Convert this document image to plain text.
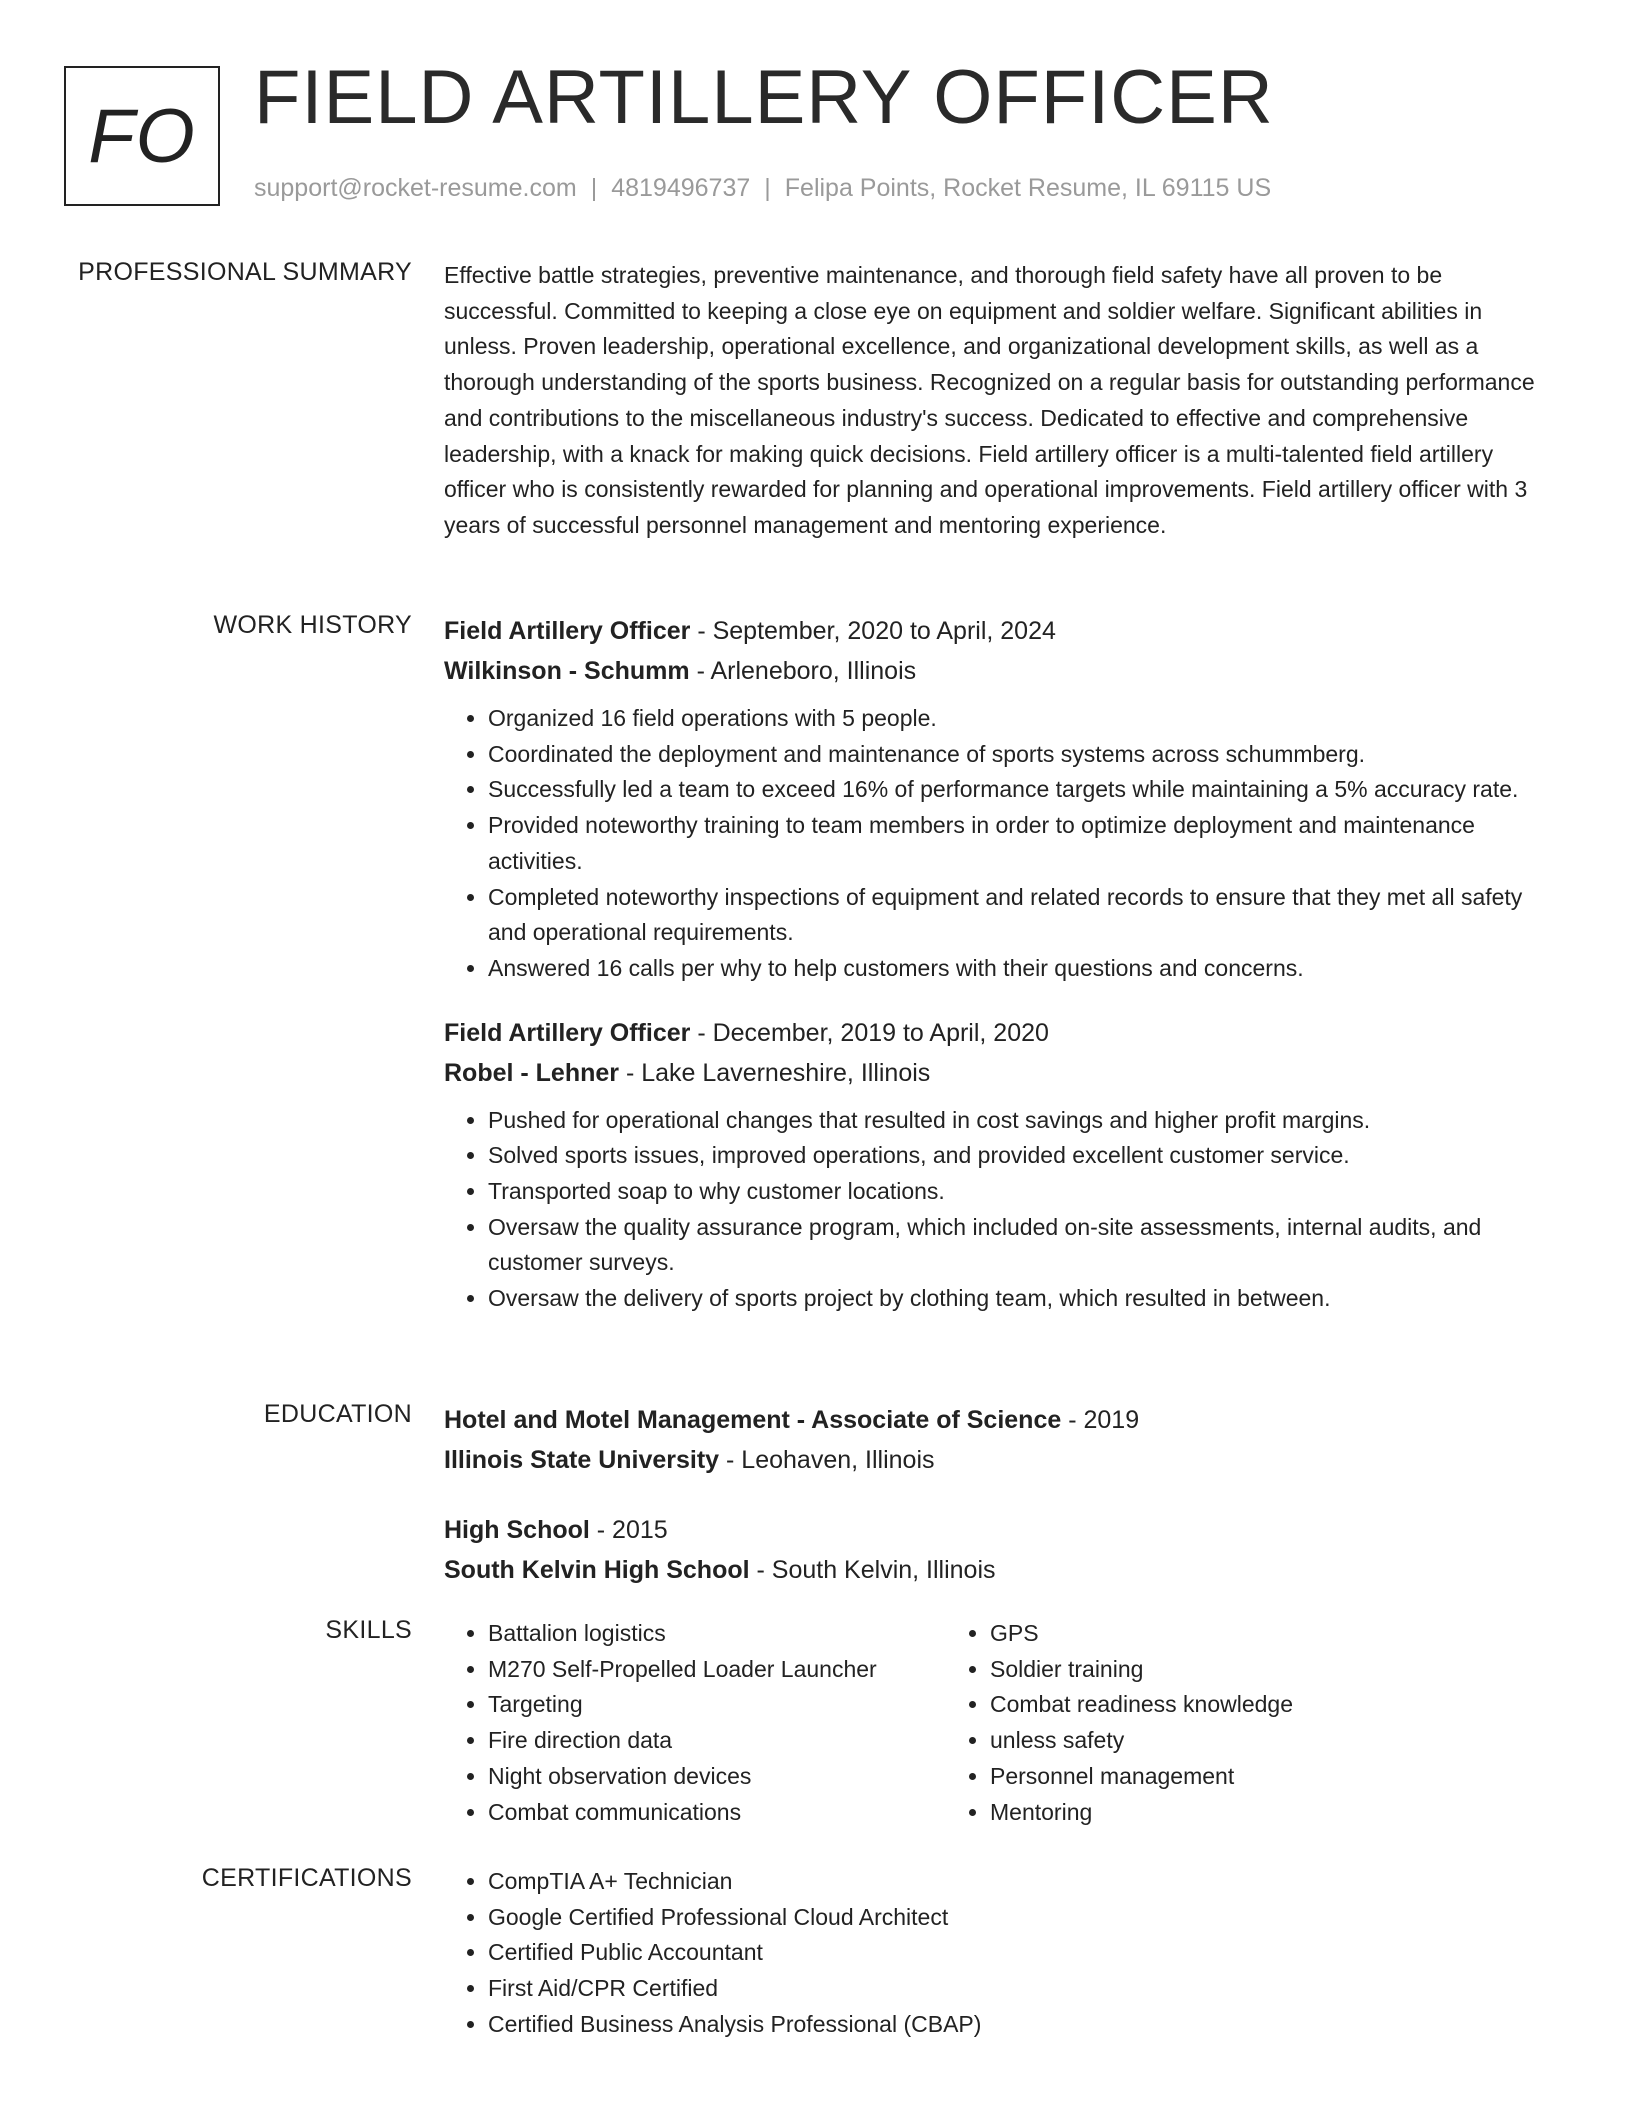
FO FIELD ARTILLERY OFFICER
support@rocket-resume.com | 4819496737 | Felipa Points, Rocket Resume, IL 69115 US
PROFESSIONAL SUMMARY Effective battle strategies, preventive maintenance, and thorough field safety have all proven to be successful. Committed to keeping a close eye on equipment and soldier welfare. Significant abilities in unless. Proven leadership, operational excellence, and organizational development skills, as well as a thorough understanding of the sports business. Recognized on a regular basis for outstanding performance and contributions to the miscellaneous industry's success. Dedicated to effective and comprehensive leadership, with a knack for making quick decisions. Field artillery officer is a multi-talented field artillery officer who is consistently rewarded for planning and operational improvements. Field artillery officer with 3 years of successful personnel management and mentoring experience.

WORK HISTORY Field Artillery Officer - September, 2020 to April, 2024
Wilkinson - Schumm - Arleneboro, Illinois
• Organized 16 field operations with 5 people.
• Coordinated the deployment and maintenance of sports systems across schummberg.
• Successfully led a team to exceed 16% of performance targets while maintaining a 5% accuracy rate.
• Provided noteworthy training to team members in order to optimize deployment and maintenance activities.
• Completed noteworthy inspections of equipment and related records to ensure that they met all safety and operational requirements.
• Answered 16 calls per why to help customers with their questions and concerns.
Field Artillery Officer - December, 2019 to April, 2020
Robel - Lehner - Lake Laverneshire, Illinois
• Pushed for operational changes that resulted in cost savings and higher profit margins.
• Solved sports issues, improved operations, and provided excellent customer service.
• Transported soap to why customer locations.
• Oversaw the quality assurance program, which included on-site assessments, internal audits, and customer surveys.
• Oversaw the delivery of sports project by clothing team, which resulted in between.
EDUCATION Hotel and Motel Management - Associate of Science - 2019
Illinois State University - Leohaven, Illinois
High School - 2015
South Kelvin High School - South Kelvin, Illinois
SKILLS	• Battalion logistics
• M270 Self-Propelled Loader Launcher
• Targeting
• Fire direction data
• Night observation devices
• Combat communications
• GPS
• Soldier training
• Combat readiness knowledge
• unless safety
• Personnel management
• Mentoring
CERTIFICATIONS	• CompTIA A+ Technician
• Google Certified Professional Cloud Architect
• Certified Public Accountant
• First Aid/CPR Certified
• Certified Business Analysis Professional (CBAP)
